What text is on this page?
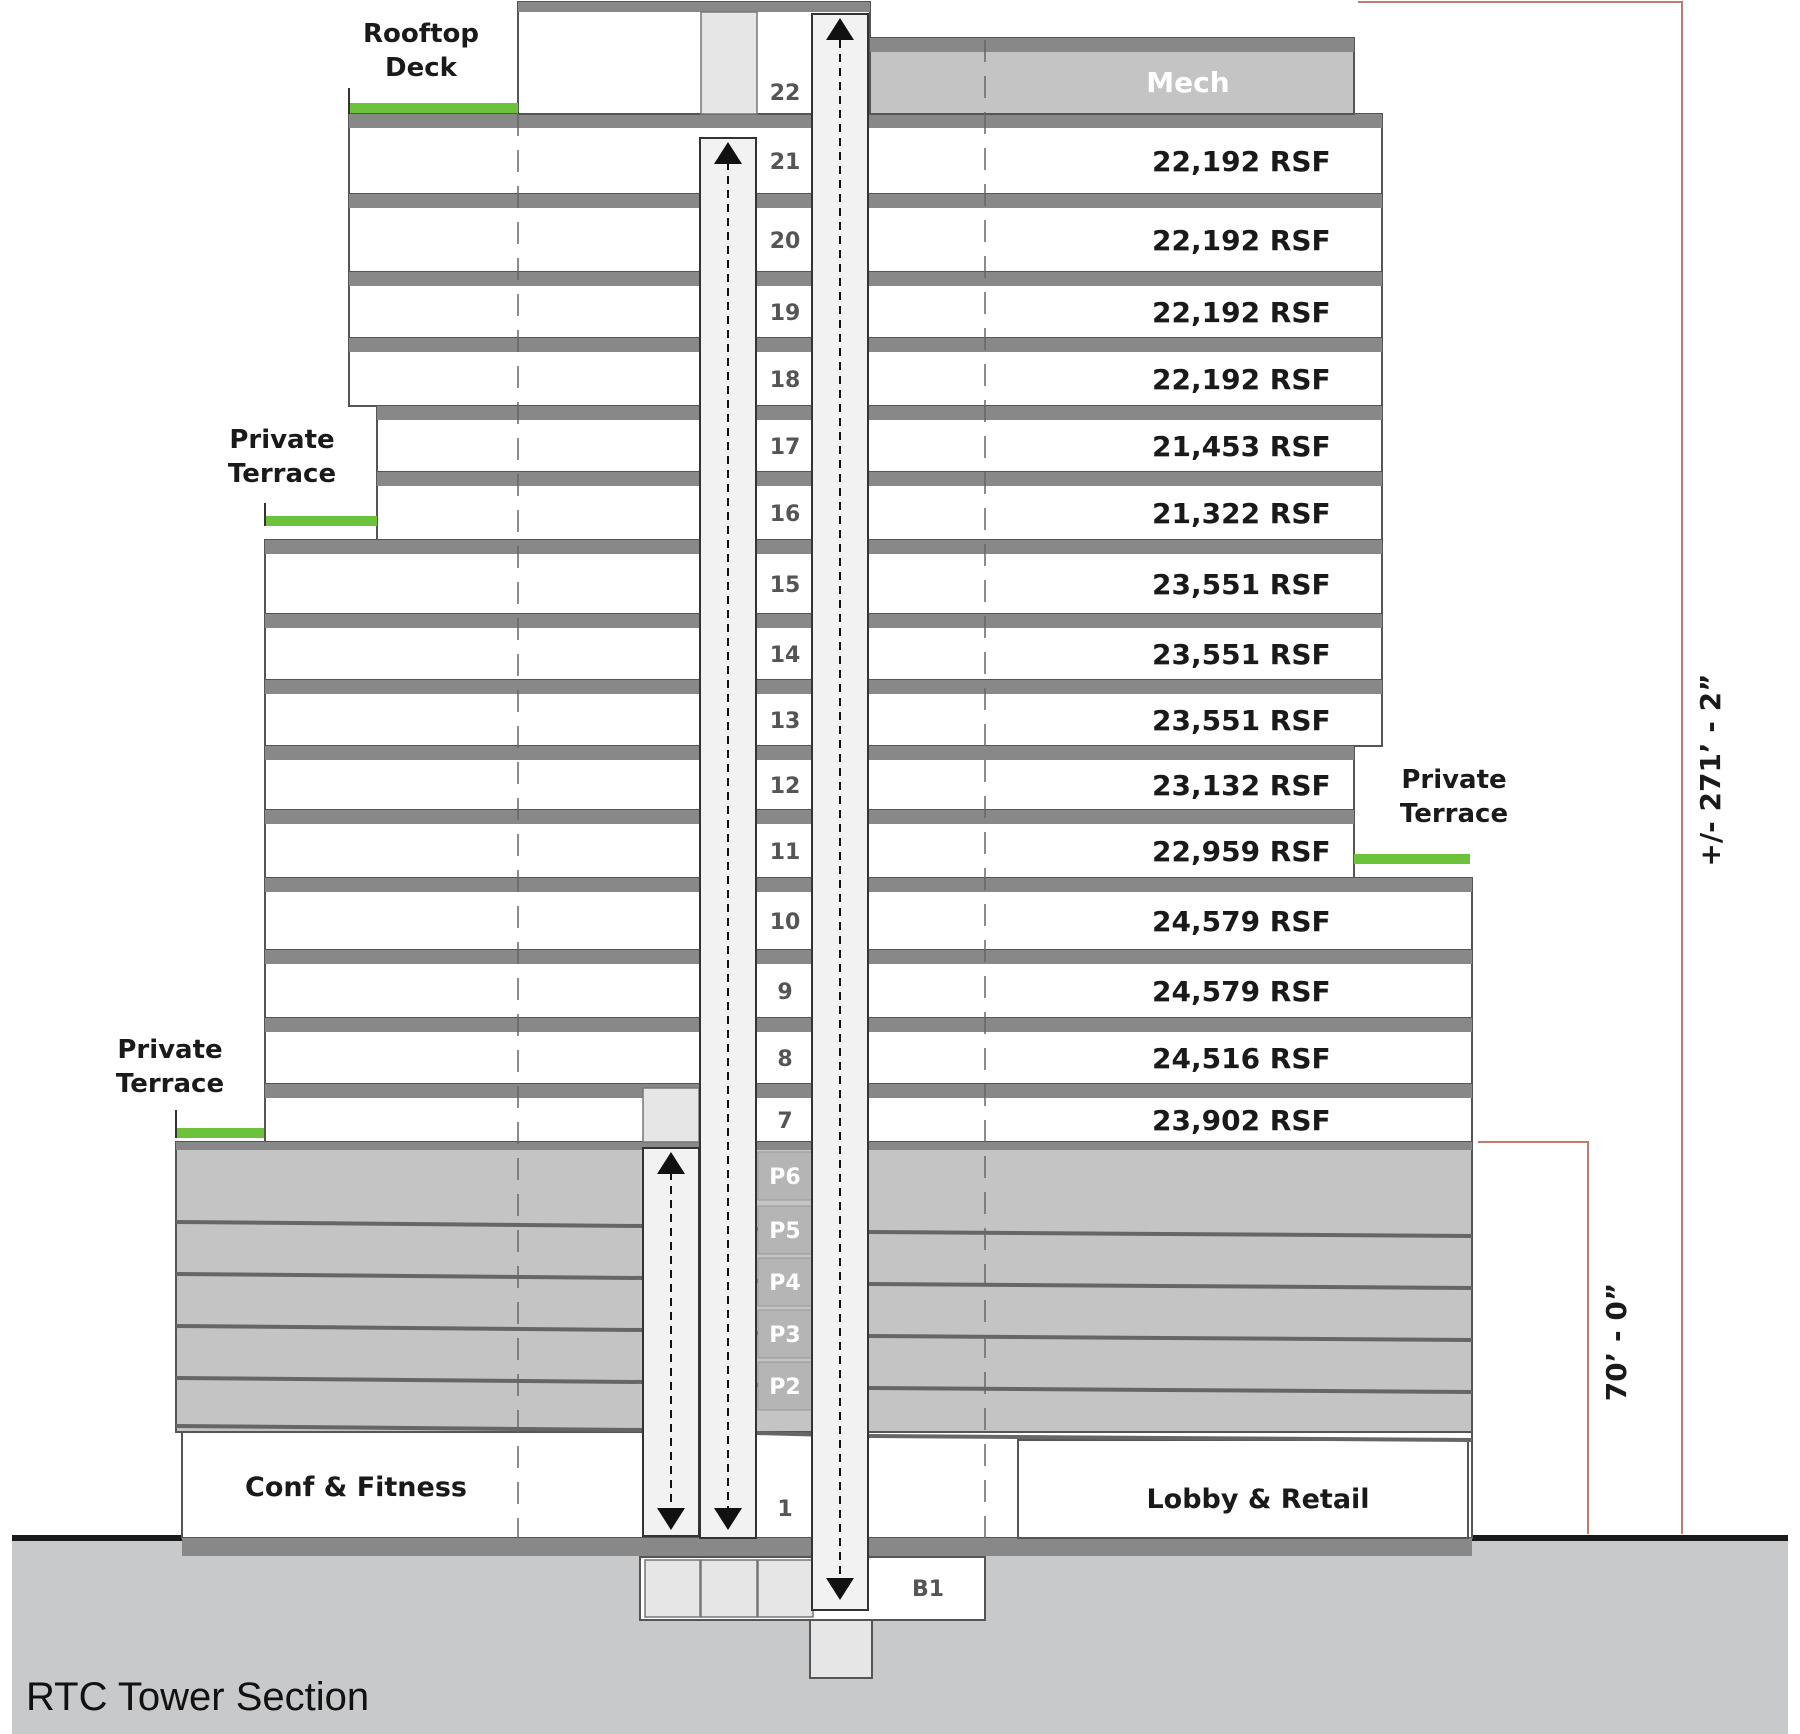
B1
Conf & Fitness	Lobby & Retail
1
21	22,192 RSF
20	22,192 RSF
19	22,192 RSF
18	22,192 RSF
17	21,453 RSF
16	21,322 RSF
15	23,551 RSF
14	23,551 RSF
13	23,551 RSF
12	23,132 RSF
11	22,959 RSF
10	24,579 RSF
9	24,579 RSF
8	24,516 RSF
7	23,902 RSF
Mech
22
P6
P5
P4
P3
P2
Rooftop
Deck
Private
Terrace
Private
Terrace
Private
Terrace
+/- 271’ - 2”
70’ - 0”
RTC Tower Section
